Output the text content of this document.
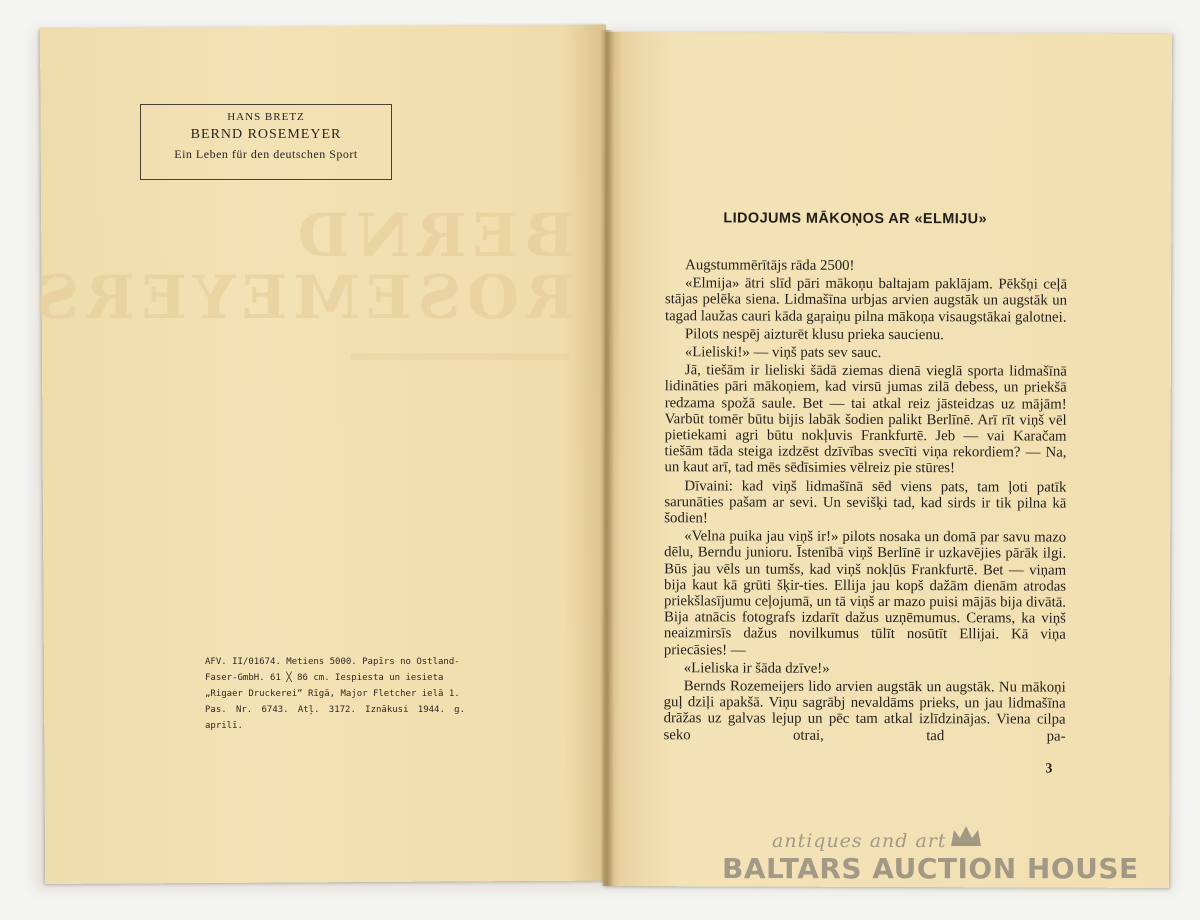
HANS BRETZ
BERND ROSEMEYER
Ein Leben für den deutschen Sport
BERND
ROSEMEYERS
▬▬▬▬▬▬▬▬▬▬
AFV. II/01674. Metiens 5000. Papīrs no Ostland-
Faser-GmbH. 61 ╳ 86 cm. Iespiesta un iesieta
„Rigaer Druckerei“ Rīgā, Major Fletcher ielā 1.
Pas. Nr. 6743. Atļ. 3172. Iznākusi 1944. g. aprilī.
LIDOJUMS MĀKOŅOS AR «ELMIJU»

Augstummērītājs rāda 2500!

«Elmija» ātri slīd pāri mākoņu baltajam paklājam. Pēkšņi ceļā stājas pelēka siena. Lidmašīna urbjas arvien augstāk un augstāk un tagad laužas cauri kāda gaŗaiņu pilna mākoņa visaugstākai galotnei.

Pilots nespēj aizturēt klusu prieka saucienu.

«Lieliski!» — viņš pats sev sauc.

Jā, tiešām ir lieliski šādā ziemas dienā vieglā sporta lidmašīnā lidināties pāri mākoņiem, kad virsū jumas zilā debess, un priekšā redzama spožā saule. Bet — tai atkal reiz jāsteidzas uz mājām! Varbūt tomēr būtu bijis labāk šodien palikt Berlīnē. Arī rīt viņš vēl pietiekami agri būtu nokļuvis Frankfurtē. Jeb — vai Karačam tiešām tāda steiga izdzēst dzīvības svecīti viņa rekordiem? — Na, un kaut arī, tad mēs sēdīsimies vēlreiz pie stūres!

Dīvaini: kad viņš lidmašīnā sēd viens pats, tam ļoti patīk sarunāties pašam ar sevi. Un sevišķi tad, kad sirds ir tik pilna kā šodien!

«Velna puika jau viņš ir!» pilots nosaka un domā par savu mazo dēlu, Berndu junioru. Īstenībā viņš Berlīnē ir uzkavējies pārāk ilgi. Būs jau vēls un tumšs, kad viņš nokļūs Frankfurtē. Bet — viņam bija kaut kā grūti šķir-ties. Ellija jau kopš dažām dienām atrodas priekšlasījumu ceļojumā, un tā viņš ar mazo puisi mājās bija divātā. Bija atnācis fotografs izdarīt dažus uzņēmumus. Cerams, ka viņš neaizmirsīs dažus novilkumus tūlīt nosūtīt Ellijai. Kā viņa priecāsies! —

«Lieliska ir šāda dzīve!»

Bernds Rozemeijers lido arvien augstāk un augstāk. Nu mākoņi guļ dziļi apakšā. Viņu sagrābj nevaldāms prieks, un jau lidmašīna drāžas uz galvas lejup un pēc tam atkal izlīdzinājas. Viena cilpa seko otrai, tad pa-

3
antiques and art
BALTARS AUCTION HOUSE
